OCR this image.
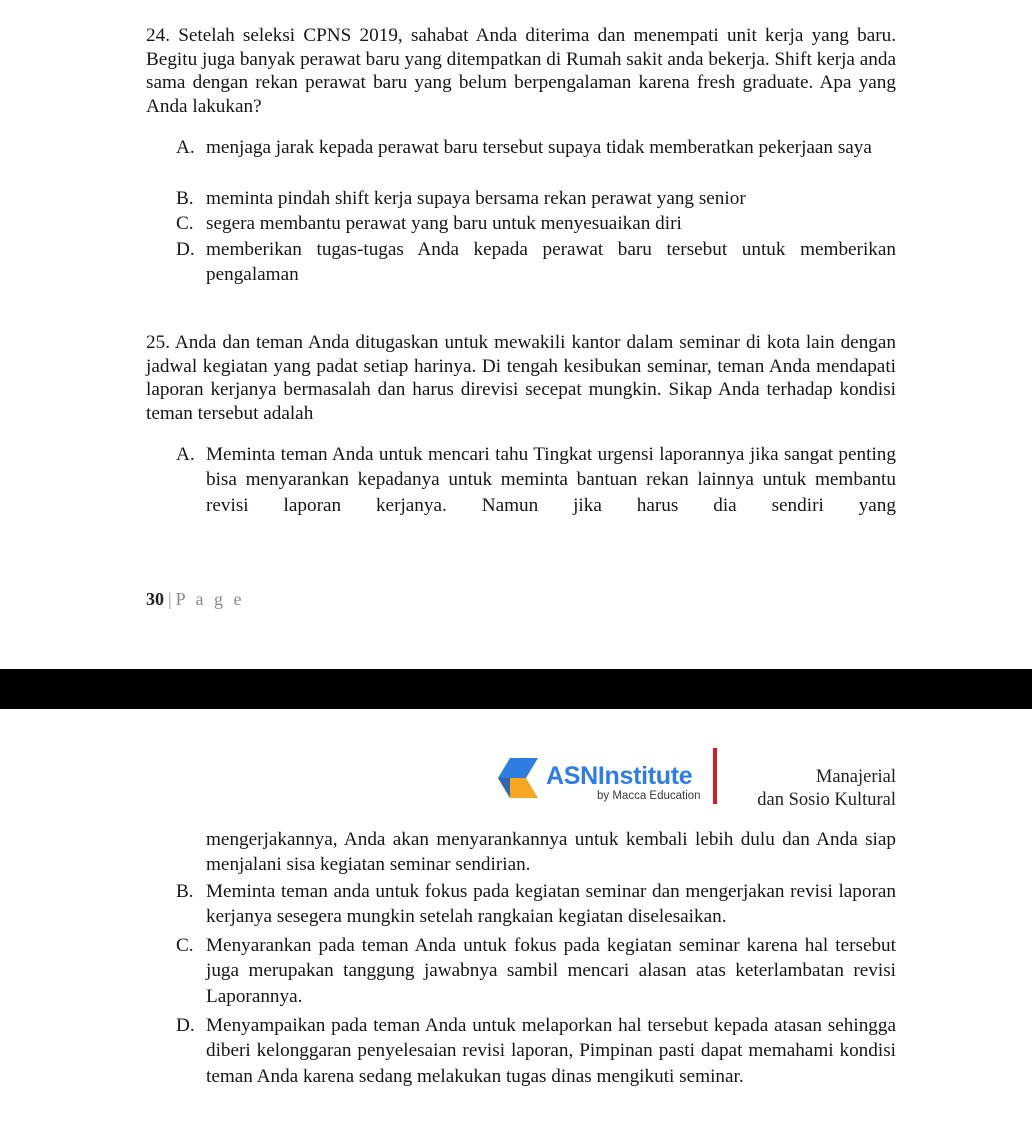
24. Setelah seleksi CPNS 2019, sahabat Anda diterima dan menempati unit kerja yang baru. Begitu juga banyak perawat baru yang ditempatkan di Rumah sakit anda bekerja. Shift kerja anda sama dengan rekan perawat baru yang belum berpengalaman karena fresh graduate. Apa yang Anda lakukan?

A. menjaga jarak kepada perawat baru tersebut supaya tidak memberatkan pekerjaan saya
B. meminta pindah shift kerja supaya bersama rekan perawat yang senior
C. segera membantu perawat yang baru untuk menyesuaikan diri
D. memberikan tugas-tugas Anda kepada perawat baru tersebut untuk memberikan pengalaman

25. Anda dan teman Anda ditugaskan untuk mewakili kantor dalam seminar di kota lain dengan jadwal kegiatan yang padat setiap harinya. Di tengah kesibukan seminar, teman Anda mendapati laporan kerjanya bermasalah dan harus direvisi secepat mungkin. Sikap Anda terhadap kondisi teman tersebut adalah

A. Meminta teman Anda untuk mencari tahu Tingkat urgensi laporannya jika sangat penting bisa menyarankan kepadanya untuk meminta bantuan rekan lainnya untuk membantu revisi laporan kerjanya. Namun jika harus dia sendiri yang
30 | P a g e
ASNInstitute
by Macca Education
Manajerial
dan Sosio Kultural

mengerjakannya, Anda akan menyarankannya untuk kembali lebih dulu dan Anda siap menjalani sisa kegiatan seminar sendirian.

B. Meminta teman anda untuk fokus pada kegiatan seminar dan mengerjakan revisi laporan kerjanya sesegera mungkin setelah rangkaian kegiatan diselesaikan.
C. Menyarankan pada teman Anda untuk fokus pada kegiatan seminar karena hal tersebut juga merupakan tanggung jawabnya sambil mencari alasan atas keterlambatan revisi Laporannya.
D. Menyampaikan pada teman Anda untuk melaporkan hal tersebut kepada atasan sehingga diberi kelonggaran penyelesaian revisi laporan, Pimpinan pasti dapat memahami kondisi teman Anda karena sedang melakukan tugas dinas mengikuti seminar.
